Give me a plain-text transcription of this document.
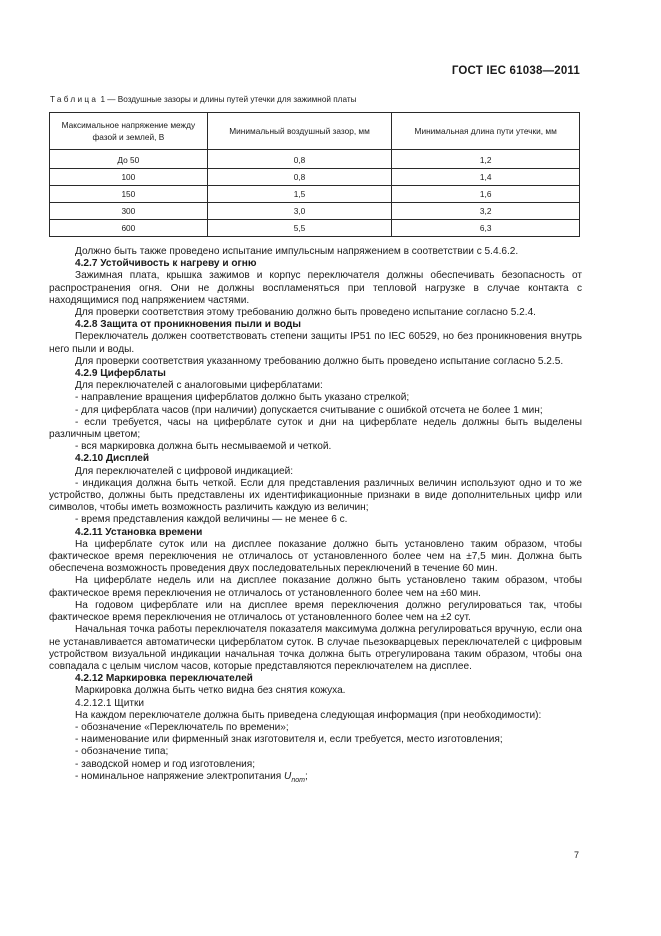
ГОСТ IEC 61038—2011
Таблица 1 — Воздушные зазоры и длины путей утечки для зажимной платы
Максимальное напряжение между фазой и землей, В	Минимальный воздушный зазор, мм	Минимальная длина пути утечки, мм
До 50	0,8	1,2
100	0,8	1,4
150	1,5	1,6
300	3,0	3,2
600	5,5	6,3

Должно быть также проведено испытание импульсным напряжением в соответствии с 5.4.6.2.

4.2.7 Устойчивость к нагреву и огню

Зажимная плата, крышка зажимов и корпус переключателя должны обеспечивать безопасность от распространения огня. Они не должны воспламеняться при тепловой нагрузке в случае контакта с находящимися под напряжением частями.

Для проверки соответствия этому требованию должно быть проведено испытание согласно 5.2.4.

4.2.8 Защита от проникновения пыли и воды

Переключатель должен соответствовать степени защиты IP51 по IEC 60529, но без проникновения внутрь него пыли и воды.

Для проверки соответствия указанному требованию должно быть проведено испытание согласно 5.2.5.

4.2.9 Циферблаты

Для переключателей с аналоговыми циферблатами:

- направление вращения циферблатов должно быть указано стрелкой;

- для циферблата часов (при наличии) допускается считывание с ошибкой отсчета не более 1 мин;

- если требуется, часы на циферблате суток и дни на циферблате недель должны быть выделены различным цветом;

- вся маркировка должна быть несмываемой и четкой.

4.2.10 Дисплей

Для переключателей с цифровой индикацией:

- индикация должна быть четкой. Если для представления различных величин используют одно и то же устройство, должны быть представлены их идентификационные признаки в виде дополнительных цифр или символов, чтобы иметь возможность различить каждую из величин;

- время представления каждой величины — не менее 6 с.

4.2.11 Установка времени

На циферблате суток или на дисплее показание должно быть установлено таким образом, чтобы фактическое время переключения не отличалось от установленного более чем на ±7,5 мин. Должна быть обеспечена возможность проведения двух последовательных переключений в течение 60 мин.

На циферблате недель или на дисплее показание должно быть установлено таким образом, чтобы фактическое время переключения не отличалось от установленного более чем на ±60 мин.

На годовом циферблате или на дисплее время переключения должно регулироваться так, чтобы фактическое время переключения не отличалось от установленного более чем на ±2 сут.

Начальная точка работы переключателя показателя максимума должна регулироваться вручную, если она не устанавливается автоматически циферблатом суток. В случае пьезокварцевых переключателей с цифровым устройством визуальной индикации начальная точка должна быть отрегулирована таким образом, чтобы она совпадала с целым числом часов, которые представляются переключателем на дисплее.

4.2.12 Маркировка переключателей

Маркировка должна быть четко видна без снятия кожуха.

4.2.12.1 Щитки

На каждом переключателе должна быть приведена следующая информация (при необходимости):

- обозначение «Переключатель по времени»;

- наименование или фирменный знак изготовителя и, если требуется, место изготовления;

- обозначение типа;

- заводской номер и год изготовления;

- номинальное напряжение электропитания $U_{nom}$;

7
